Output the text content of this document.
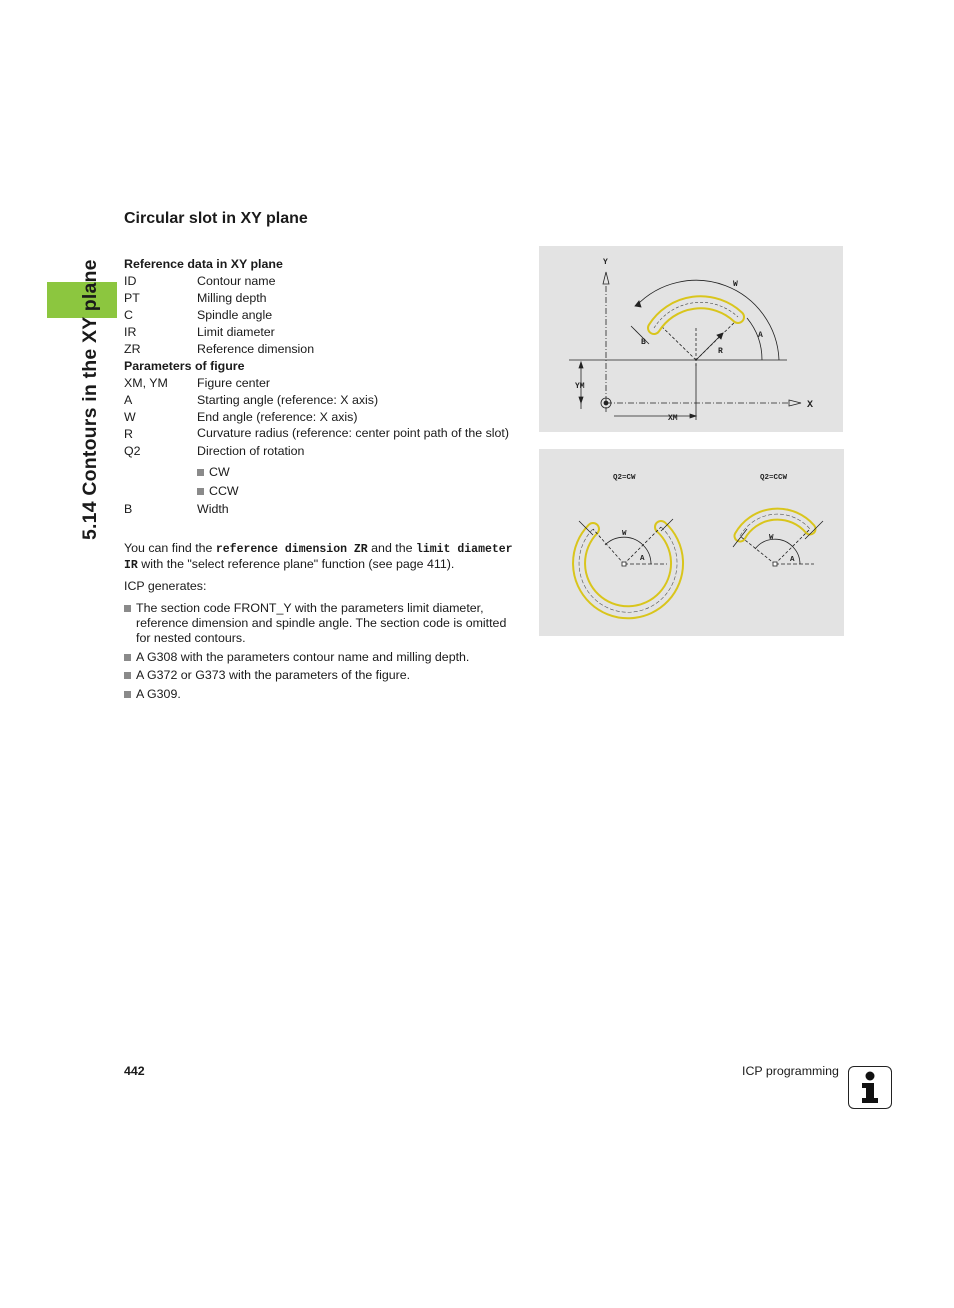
5.14 Contours in the XY plane
Circular slot in XY plane
Reference data in XY plane
ID	Contour name
PT	Milling depth
C	Spindle angle
IR	Limit diameter
ZR	Reference dimension
Parameters of figure
XM, YM	Figure center
A	Starting angle (reference: X axis)
W	End angle (reference: X axis)
R	Curvature radius (reference: center point path of the slot)
Q2	Direction of rotation
CW
CCW
B	Width
You can find the reference dimension ZR and the limit diameter IR with the "select reference plane" function (see page 411).
ICP generates:
The section code FRONT_Y with the parameters limit diameter, reference dimension and spindle angle. The section code is omitted for nested contours.
A G308 with the parameters contour name and milling depth.
A G372 or G373 with the parameters of the figure.
A G309.
Y
X
W
A
B
R
YM
XM
Q2=CW	Q2=CCW
W
A
W
A
442	ICP programming
